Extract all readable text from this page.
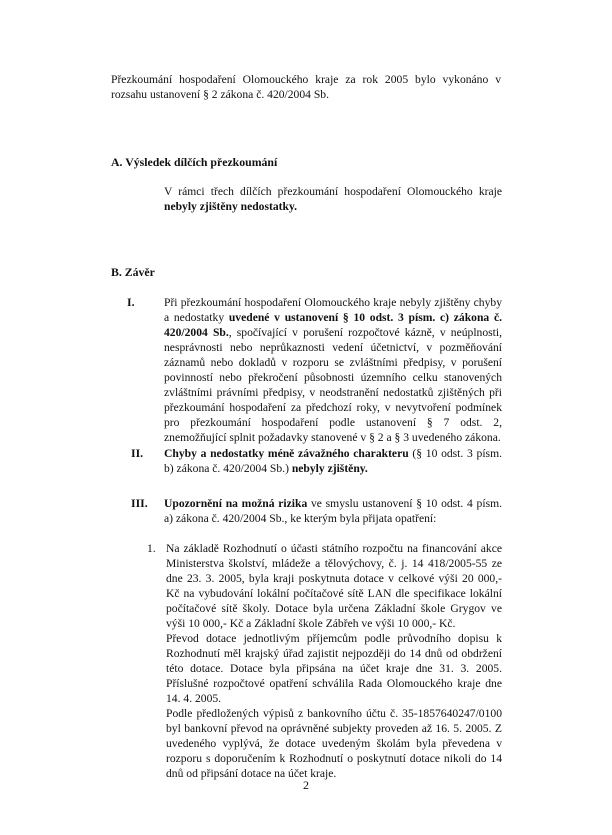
Přezkoumání hospodaření Olomouckého kraje za rok 2005 bylo vykonáno v rozsahu ustanovení § 2 zákona č. 420/2004 Sb.

A. Výsledek dílčích přezkoumání

V rámci třech dílčích přezkoumání hospodaření Olomouckého kraje nebyly zjištěny nedostatky.

B. Závěr
I.	Při přezkoumání hospodaření Olomouckého kraje nebyly zjištěny chyby a nedostatky uvedené v ustanovení § 10 odst. 3 písm. c) zákona č. 420/2004 Sb., spočívající v porušení rozpočtové kázně, v neúplnosti, nesprávnosti nebo neprůkaznosti vedení účetnictví, v pozměňování záznamů nebo dokladů v rozporu se zvláštními předpisy, v porušení povinností nebo překročení působnosti územního celku stanovených zvláštními právními předpisy, v neodstranění nedostatků zjištěných při přezkoumání hospodaření za předchozí roky, v nevytvoření podmínek pro přezkoumání hospodaření podle ustanovení § 7 odst. 2, znemožňující splnit požadavky stanovené v § 2 a § 3 uvedeného zákona.

II. Chyby a nedostatky méně závažného charakteru (§ 10 odst. 3 písm. b) zákona č. 420/2004 Sb.) nebyly zjištěny.

III. Upozornění na možná rizika ve smyslu ustanovení § 10 odst. 4 písm. a) zákona č. 420/2004 Sb., ke kterým byla přijata opatření:

1. Na základě Rozhodnutí o účasti státního rozpočtu na financování akce Ministerstva školství, mládeže a tělovýchovy, č. j. 14 418/2005-55 ze dne 23. 3. 2005, byla kraji poskytnuta dotace v celkové výši 20 000,- Kč na vybudování lokální počítačové sítě LAN dle specifikace lokální počítačové sítě školy. Dotace byla určena Základní škole Grygov ve výši 10 000,- Kč a Základní škole Zábřeh ve výši 10 000,- Kč.

Převod dotace jednotlivým příjemcům podle průvodního dopisu k Rozhodnutí měl krajský úřad zajistit nejpozději do 14 dnů od obdržení této dotace. Dotace byla připsána na účet kraje dne 31. 3. 2005. Příslušné rozpočtové opatření schválila Rada Olomouckého kraje dne 14. 4. 2005.

Podle předložených výpisů z bankovního účtu č. 35-1857640247/0100 byl bankovní převod na oprávněné subjekty proveden až 16. 5. 2005. Z uvedeného vyplývá, že dotace uvedeným školám byla převedena v rozporu s doporučením k Rozhodnutí o poskytnutí dotace nikoli do 14 dnů od připsání dotace na účet kraje.

2
